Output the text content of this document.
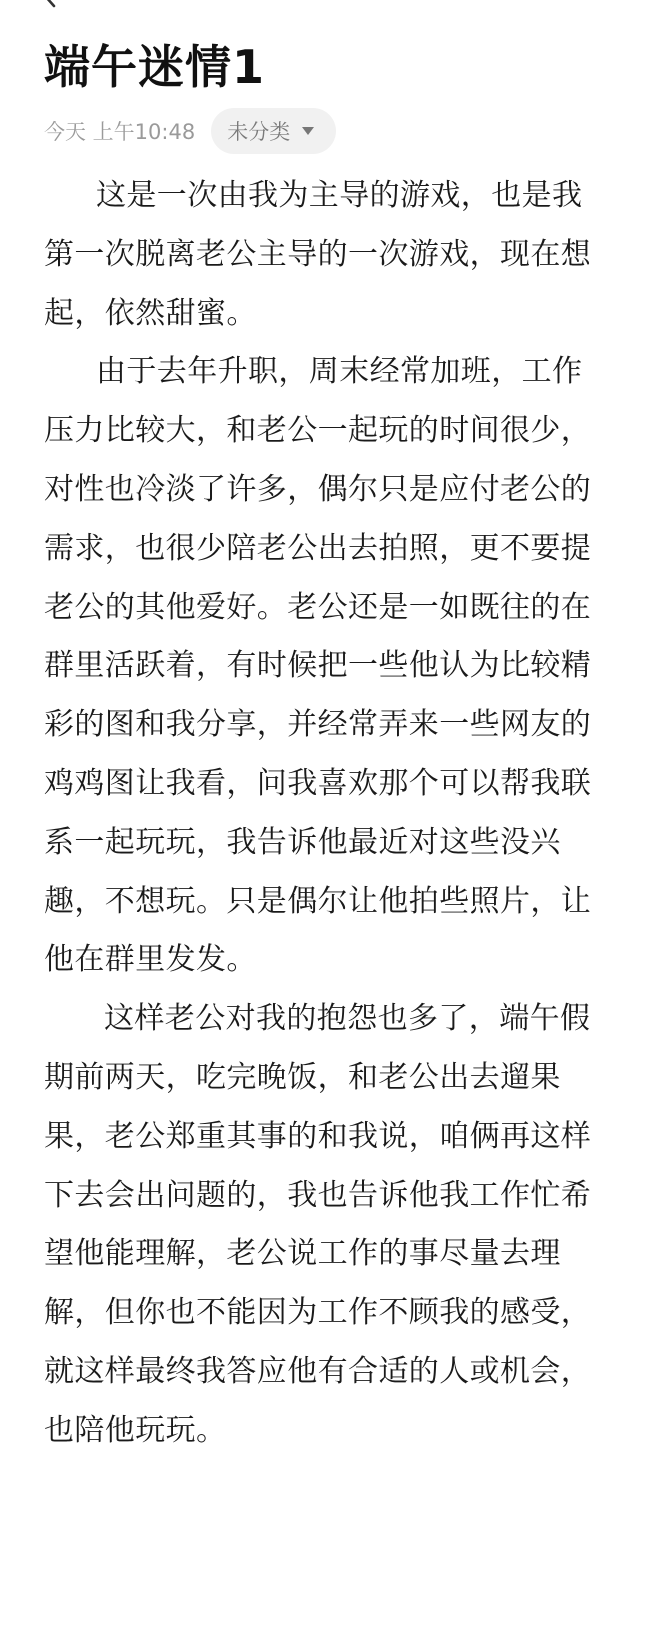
端午迷情1
今天 上午10:48 未分类

这是一次由我为主导的游戏，也是我第一次脱离老公主导的一次游戏，现在想起，依然甜蜜。

由于去年升职，周末经常加班，工作压力比较大，和老公一起玩的时间很少，对性也冷淡了许多，偶尔只是应付老公的需求，也很少陪老公出去拍照，更不要提老公的其他爱好。老公还是一如既往的在群里活跃着，有时候把一些他认为比较精彩的图和我分享，并经常弄来一些网友的鸡鸡图让我看，问我喜欢那个可以帮我联系一起玩玩，我告诉他最近对这些没兴趣，不想玩。只是偶尔让他拍些照片，让他在群里发发。

这样老公对我的抱怨也多了，端午假期前两天，吃完晚饭，和老公出去遛果果，老公郑重其事的和我说，咱俩再这样下去会出问题的，我也告诉他我工作忙希望他能理解，老公说工作的事尽量去理解，但你也不能因为工作不顾我的感受，就这样最终我答应他有合适的人或机会，也陪他玩玩。
